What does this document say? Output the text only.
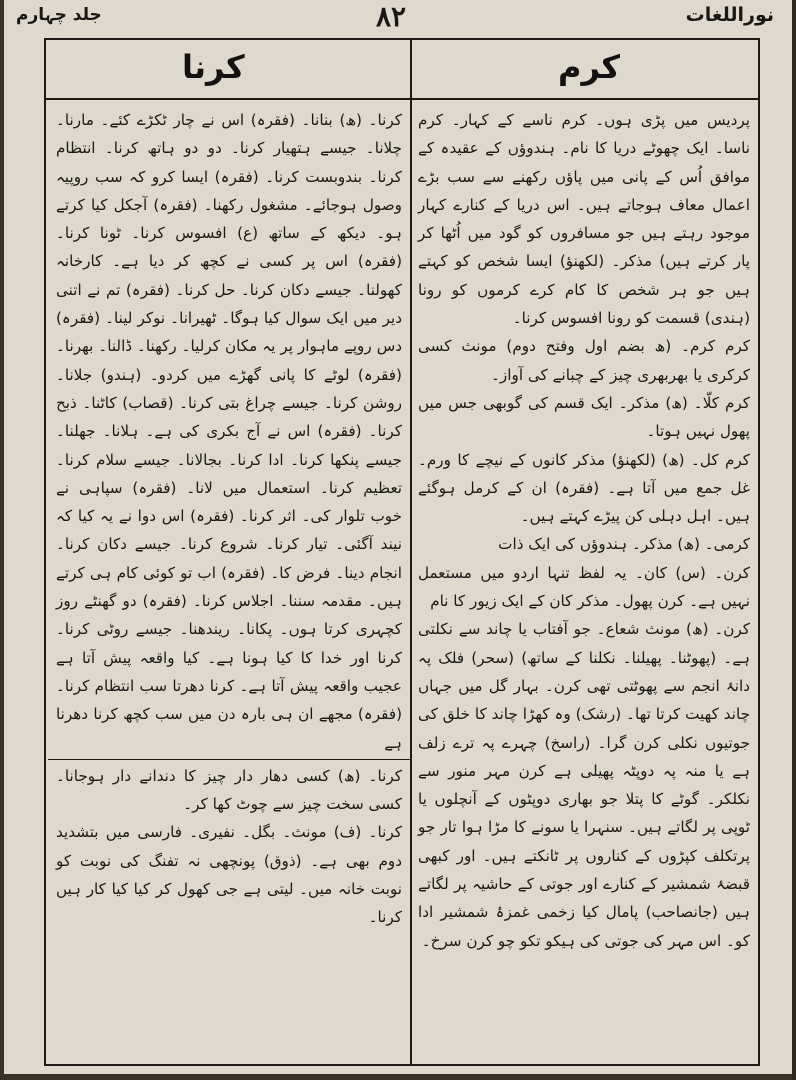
نوراللغات
۸۲
جلد چہارم
کرم
کرنا

پردیس میں پڑی ہوں۔ کرم ناسے کے کہار۔ کرم ناسا۔ ایک چھوٹے دریا کا نام۔ ہندوؤں کے عقیدہ کے موافق اُس کے پانی میں پاؤں رکھنے سے سب بڑے اعمال معاف ہوجاتے ہیں۔ اس دریا کے کنارے کہار موجود رہتے ہیں جو مسافروں کو گود میں اُٹھا کر پار کرتے ہیں) مذکر۔ (لکھنؤ) ایسا شخص کو کہتے ہیں جو ہر شخص کا کام کرے کرموں کو رونا (ہندی) قسمت کو رونا افسوس کرنا۔

کرم کرم۔ (ھ بضم اول وفتح دوم) مونث کسی کرکری یا بھربھری چیز کے چبانے کی آواز۔

کرم کلّا۔ (ھ) مذکر۔ ایک قسم کی گوبھی جس میں پھول نہیں ہوتا۔

کرم کل۔ (ھ) (لکھنؤ) مذکر کانوں کے نیچے کا ورم۔ غل جمع میں آتا ہے۔ (فقرہ) ان کے کرمل ہوگئے ہیں۔ اہل دہلی کن پیڑے کہتے ہیں۔

کرمی۔ (ھ) مذکر۔ ہندوؤں کی ایک ذات

کرن۔ (س) کان۔ یہ لفظ تنہا اردو میں مستعمل نہیں ہے۔ کرن پھول۔ مذکر کان کے ایک زیور کا نام

کرن۔ (ھ) مونث شعاع۔ جو آفتاب یا چاند سے نکلتی ہے۔ (پھوٹنا۔ پھیلنا۔ نکلنا کے ساتھ) (سحر) فلک پہ دانۂ انجم سے پھوٹتی تھی کرن۔ بہار گل میں جہاں چاند کھیت کرتا تھا۔ (رشک) وہ کھڑا چاند کا خلق کی جوتیوں نکلی کرن گرا۔ (راسخ) چہرے پہ ترے زلف ہے یا منہ پہ دوپٹہ پھیلی ہے کرن مہر منور سے نکلکر۔ گوٹے کا پتلا جو بھاری دوپٹوں کے آنچلوں یا ٹوپی پر لگاتے ہیں۔ سنہرا یا سونے کا مڑا ہوا تار جو پرتکلف کپڑوں کے کناروں پر ٹانکتے ہیں۔ اور کبھی قبضۂ شمشیر کے کنارے اور جوتی کے حاشیہ پر لگاتے ہیں (جانصاحب) پامال کیا زخمی غمزۂ شمشیر ادا کو۔ اس مہر کی جوتی کی ہیکو تکو چو کرن سرخ۔

کرنا۔ (ھ) بنانا۔ (فقرہ) اس نے چار ٹکڑے کئے۔ مارنا۔ چلانا۔ جیسے ہتھیار کرنا۔ دو دو ہاتھ کرنا۔ انتظام کرنا۔ بندوبست کرنا۔ (فقرہ) ایسا کرو کہ سب روپیہ وصول ہوجائے۔ مشغول رکھنا۔ (فقرہ) آجکل کیا کرتے ہو۔ دیکھ کے ساتھ (ع) افسوس کرنا۔ ٹونا کرنا۔ (فقرہ) اس پر کسی نے کچھ کر دیا ہے۔ کارخانہ کھولنا۔ جیسے دکان کرنا۔ حل کرنا۔ (فقرہ) تم نے اتنی دیر میں ایک سوال کیا ہوگا۔ ٹھیرانا۔ نوکر لینا۔ (فقرہ) دس روپے ماہوار پر یہ مکان کرلیا۔ رکھنا۔ ڈالنا۔ بھرنا۔ (فقرہ) لوٹے کا پانی گھڑے میں کردو۔ (ہندو) جلانا۔ روشن کرنا۔ جیسے چراغ بتی کرنا۔ (قصاب) کاٹنا۔ ذبح کرنا۔ (فقرہ) اس نے آج بکری کی ہے۔ ہلانا۔ جھلنا۔ جیسے پنکھا کرنا۔ ادا کرنا۔ بجالانا۔ جیسے سلام کرنا۔ تعظیم کرنا۔ استعمال میں لانا۔ (فقرہ) سپاہی نے خوب تلوار کی۔ اثر کرنا۔ (فقرہ) اس دوا نے یہ کیا کہ نیند آگئی۔ تیار کرنا۔ شروع کرنا۔ جیسے دکان کرنا۔ انجام دینا۔ فرض کا۔ (فقرہ) اب تو کوئی کام ہی کرتے ہیں۔ مقدمہ سننا۔ اجلاس کرنا۔ (فقرہ) دو گھنٹے روز کچہری کرتا ہوں۔ پکانا۔ ریندھنا۔ جیسے روٹی کرنا۔ کرنا اور خدا کا کیا ہونا ہے۔ کیا واقعہ پیش آتا ہے عجیب واقعہ پیش آتا ہے۔ کرنا دھرتا سب انتظام کرنا۔ (فقرہ) مجھے ان ہی بارہ دن میں سب کچھ کرنا دھرنا ہے

کرنا۔ (ھ) کسی دھار دار چیز کا دندانے دار ہوجانا۔ کسی سخت چیز سے چوٹ کھا کر۔

کرنا۔ (ف) مونث۔ بگل۔ نفیری۔ فارسی میں بتشدید دوم بھی ہے۔ (ذوق) پونچھی نہ تفنگ کی نوبت کو نوبت خانہ میں۔ لیتی ہے جی کھول کر کیا کیا کار ہیں کرنا۔
